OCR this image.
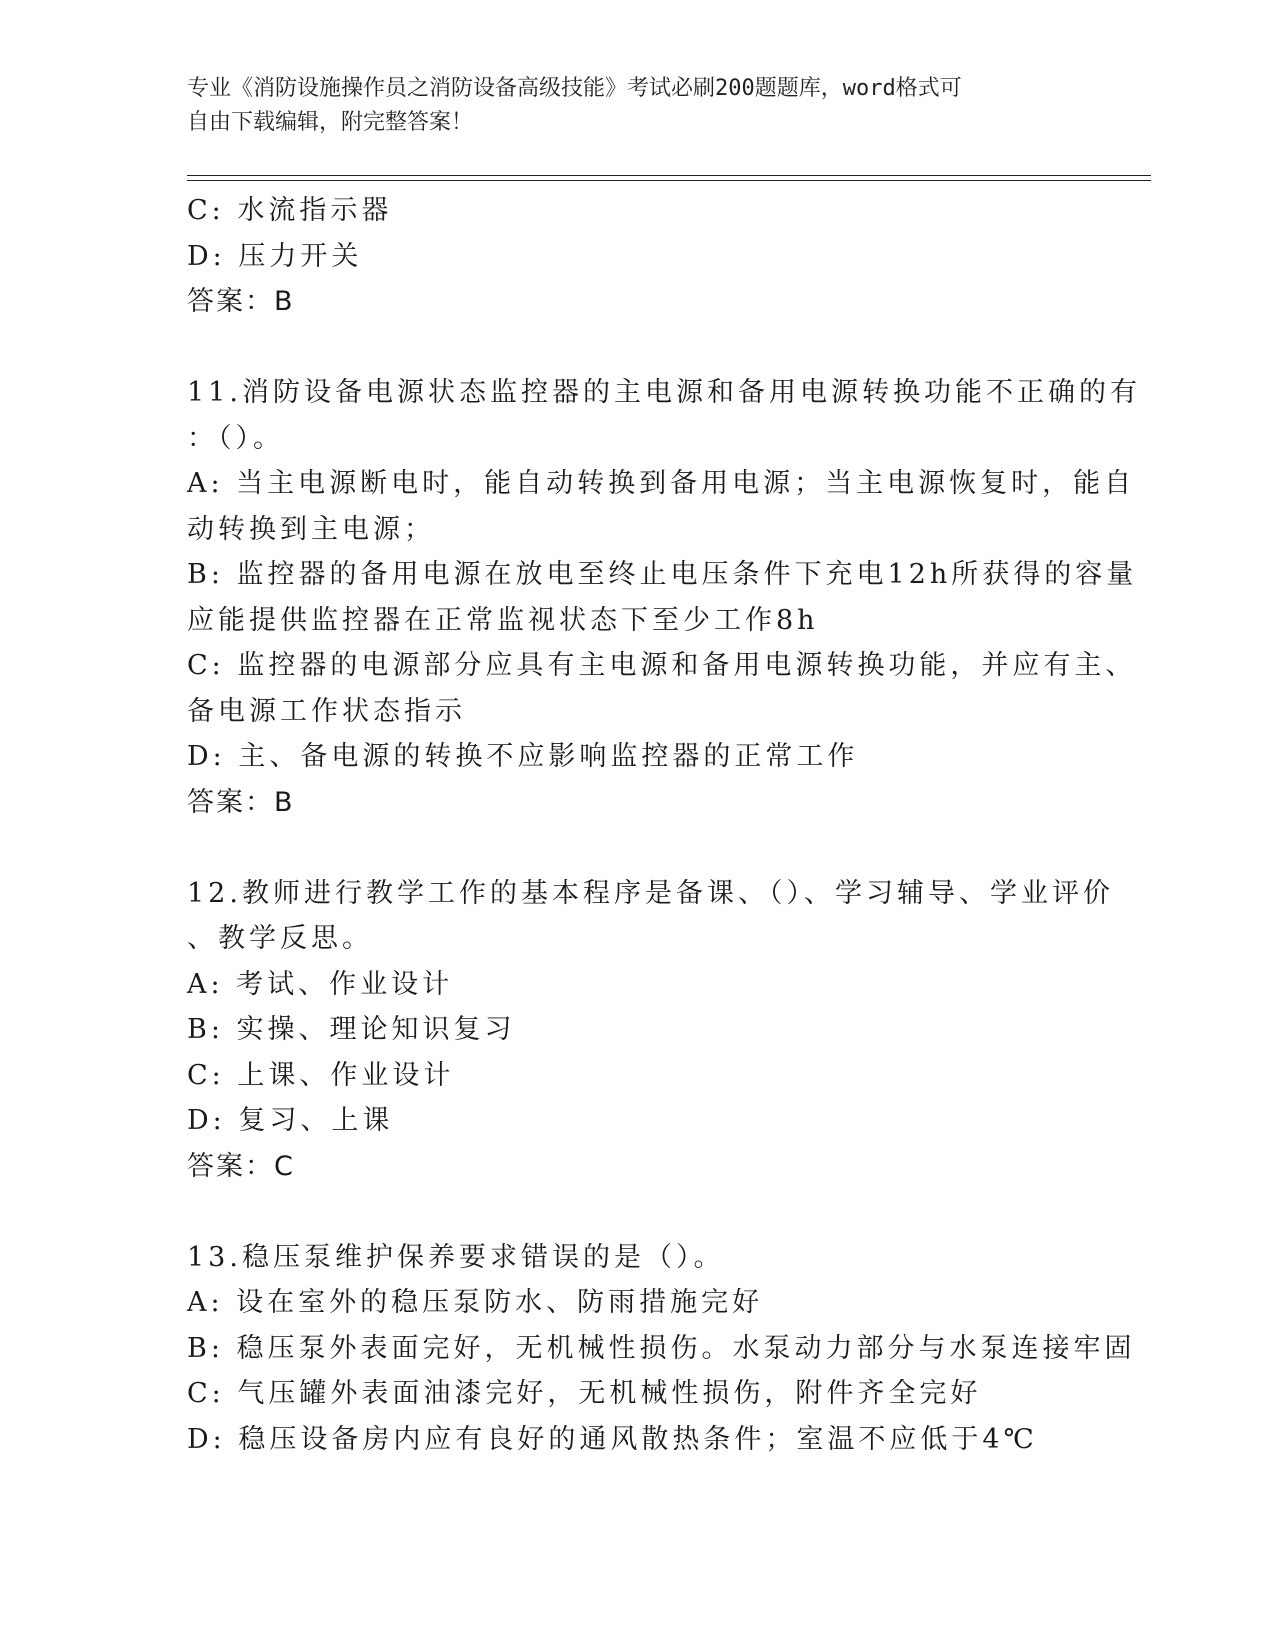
专业《消防设施操作员之消防设备高级技能》考试必刷200题题库，word格式可
自由下载编辑，附完整答案！
C: 水流指示器
D: 压力开关
答案：B
11.消防设备电源状态监控器的主电源和备用电源转换功能不正确的有
：（）。
A: 当主电源断电时，能自动转换到备用电源；当主电源恢复时，能自
动转换到主电源；
B: 监控器的备用电源在放电至终止电压条件下充电12h所获得的容量
应能提供监控器在正常监视状态下至少工作8h
C: 监控器的电源部分应具有主电源和备用电源转换功能，并应有主、
备电源工作状态指示
D: 主、备电源的转换不应影响监控器的正常工作
答案：B
12.教师进行教学工作的基本程序是备课、（）、学习辅导、学业评价
、教学反思。
A: 考试、作业设计
B: 实操、理论知识复习
C: 上课、作业设计
D: 复习、上课
答案：C
13.稳压泵维护保养要求错误的是（）。
A: 设在室外的稳压泵防水、防雨措施完好
B: 稳压泵外表面完好，无机械性损伤。水泵动力部分与水泵连接牢固
C: 气压罐外表面油漆完好，无机械性损伤，附件齐全完好
D: 稳压设备房内应有良好的通风散热条件；室温不应低于4℃
